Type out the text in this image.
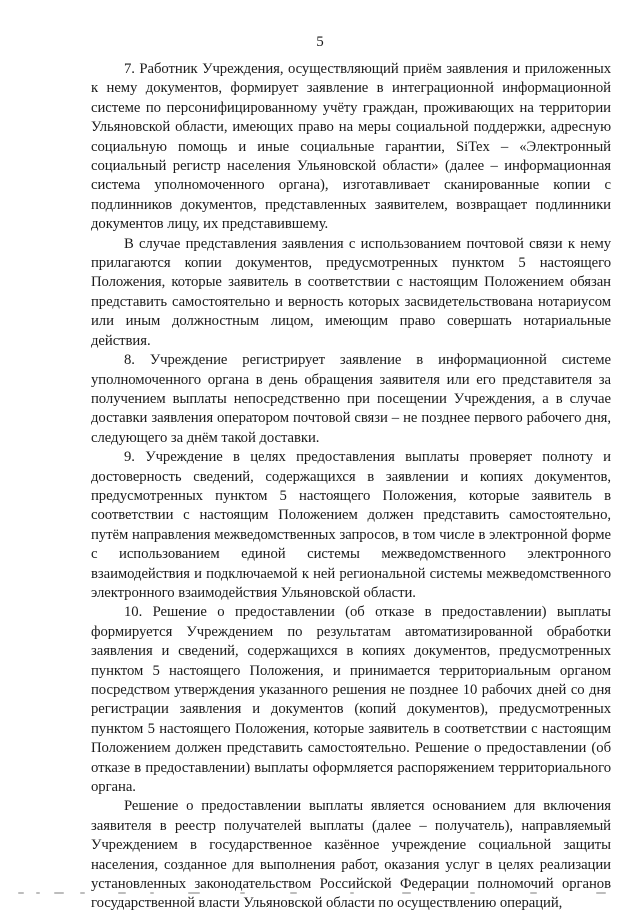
5

7. Работник Учреждения, осуществляющий приём заявления и приложенных к нему документов, формирует заявление в интеграционной информационной системе по персонифицированному учёту граждан, проживающих на территории Ульяновской области, имеющих право на меры социальной поддержки, адресную социальную помощь и иные социальные гарантии, SiTex – «Электронный социальный регистр населения Ульяновской области» (далее – информационная система уполномоченного органа), изготавливает сканированные копии с подлинников документов, представленных заявителем, возвращает подлинники документов лицу, их представившему.

В случае представления заявления с использованием почтовой связи к нему прилагаются копии документов, предусмотренных пунктом 5 настоящего Положения, которые заявитель в соответствии с настоящим Положением обязан представить самостоятельно и верность которых засвидетельствована нотариусом или иным должностным лицом, имеющим право совершать нотариальные действия.

8. Учреждение регистрирует заявление в информационной системе уполномоченного органа в день обращения заявителя или его представителя за получением выплаты непосредственно при посещении Учреждения, а в случае доставки заявления оператором почтовой связи – не позднее первого рабочего дня, следующего за днём такой доставки.

9. Учреждение в целях предоставления выплаты проверяет полноту и достоверность сведений, содержащихся в заявлении и копиях документов, предусмотренных пунктом 5 настоящего Положения, которые заявитель в соответствии с настоящим Положением должен представить самостоятельно, путём направления межведомственных запросов, в том числе в электронной форме с использованием единой системы межведомственного электронного взаимодействия и подключаемой к ней региональной системы межведомственного электронного взаимодействия Ульяновской области.

10. Решение о предоставлении (об отказе в предоставлении) выплаты формируется Учреждением по результатам автоматизированной обработки заявления и сведений, содержащихся в копиях документов, предусмотренных пунктом 5 настоящего Положения, и принимается территориальным органом посредством утверждения указанного решения не позднее 10 рабочих дней со дня регистрации заявления и документов (копий документов), предусмотренных пунктом 5 настоящего Положения, которые заявитель в соответствии с настоящим Положением должен представить самостоятельно. Решение о предоставлении (об отказе в предоставлении) выплаты оформляется распоряжением территориального органа.

Решение о предоставлении выплаты является основанием для включения заявителя в реестр получателей выплаты (далее – получатель), направляемый Учреждением в государственное казённое учреждение социальной защиты населения, созданное для выполнения работ, оказания услуг в целях реализации установленных законодательством Российской Федерации полномочий органов государственной власти Ульяновской области по осуществлению операций,
